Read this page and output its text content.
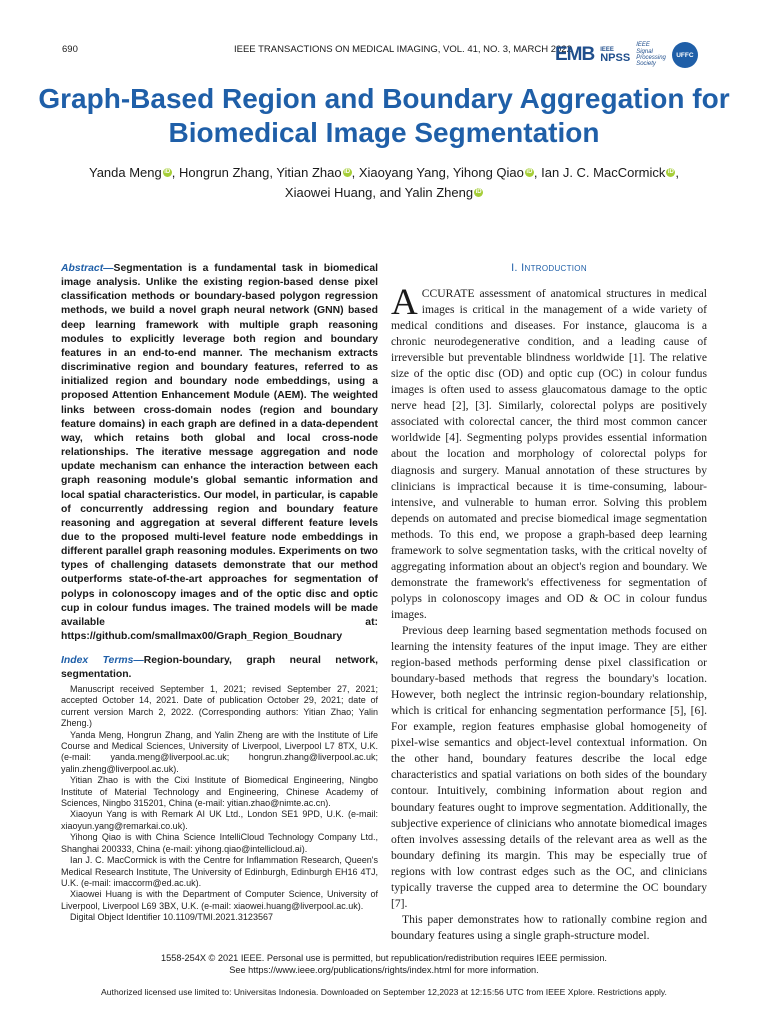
690	IEEE TRANSACTIONS ON MEDICAL IMAGING, VOL. 41, NO. 3, MARCH 2022
EMB IEEE
NPSS
IEEE
Signal
Processing
Society
UFFC
Graph-Based Region and Boundary Aggregation for Biomedical Image Segmentation
Yanda Meng iD , Hongrun Zhang, Yitian Zhao iD , Xiaoyang Yang, Yihong Qiao iD , Ian J. C. MacCormick iD ,
Xiaowei Huang, and Yalin Zheng iD
Abstract—Segmentation is a fundamental task in biomedical image analysis. Unlike the existing region-based dense pixel classification methods or boundary-based polygon regression methods, we build a novel graph neural network (GNN) based deep learning framework with multiple graph reasoning modules to explicitly leverage both region and boundary features in an end-to-end manner. The mechanism extracts discriminative region and boundary features, referred to as initialized region and boundary node embeddings, using a proposed Attention Enhancement Module (AEM). The weighted links between cross-domain nodes (region and boundary feature domains) in each graph are defined in a data-dependent way, which retains both global and local cross-node relationships. The iterative message aggregation and node update mechanism can enhance the interaction between each graph reasoning module's global semantic information and local spatial characteristics. Our model, in particular, is capable of concurrently addressing region and boundary feature reasoning and aggregation at several different feature levels due to the proposed multi-level feature node embeddings in different parallel graph reasoning modules. Experiments on two types of challenging datasets demonstrate that our method outperforms state-of-the-art approaches for segmentation of polyps in colonoscopy images and of the optic disc and optic cup in colour fundus images. The trained models will be made available at: https://github.com/smallmax00/Graph_Region_Boudnary
Index Terms—Region-boundary, graph neural network, segmentation.

Manuscript received September 1, 2021; revised September 27, 2021; accepted October 14, 2021. Date of publication October 29, 2021; date of current version March 2, 2022. (Corresponding authors: Yitian Zhao; Yalin Zheng.)

Yanda Meng, Hongrun Zhang, and Yalin Zheng are with the Institute of Life Course and Medical Sciences, University of Liverpool, Liverpool L7 8TX, U.K. (e-mail: yanda.meng@liverpool.ac.uk; hongrun.zhang@liverpool.ac.uk; yalin.zheng@liverpool.ac.uk).

Yitian Zhao is with the Cixi Institute of Biomedical Engineering, Ningbo Institute of Material Technology and Engineering, Chinese Academy of Sciences, Ningbo 315201, China (e-mail: yitian.zhao@nimte.ac.cn).

Xiaoyun Yang is with Remark AI UK Ltd., London SE1 9PD, U.K. (e-mail: xiaoyun.yang@remarkai.co.uk).

Yihong Qiao is with China Science IntelliCloud Technology Company Ltd., Shanghai 200333, China (e-mail: yihong.qiao@intellicloud.ai).

Ian J. C. MacCormick is with the Centre for Inflammation Research, Queen's Medical Research Institute, The University of Edinburgh, Edinburgh EH16 4TJ, U.K. (e-mail: imaccorm@ed.ac.uk).

Xiaowei Huang is with the Department of Computer Science, University of Liverpool, Liverpool L69 3BX, U.K. (e-mail: xiaowei.huang@liverpool.ac.uk).

Digital Object Identifier 10.1109/TMI.2021.3123567

I. Introduction

ACCURATE assessment of anatomical structures in medical images is critical in the management of a wide variety of medical conditions and diseases. For instance, glaucoma is a chronic neurodegenerative condition, and a leading cause of irreversible but preventable blindness worldwide [1]. The relative size of the optic disc (OD) and optic cup (OC) in colour fundus images is often used to assess glaucomatous damage to the optic nerve head [2], [3]. Similarly, colorectal polyps are positively associated with colorectal cancer, the third most common cancer worldwide [4]. Segmenting polyps provides essential information about the location and morphology of colorectal polyps for diagnosis and surgery. Manual annotation of these structures by clinicians is impractical because it is time-consuming, labour-intensive, and vulnerable to human error. Solving this problem depends on automated and precise biomedical image segmentation methods. To this end, we propose a graph-based deep learning framework to solve segmentation tasks, with the critical novelty of aggregating information about an object's region and boundary. We demonstrate the framework's effectiveness for segmentation of polyps in colonoscopy images and OD & OC in colour fundus images.

Previous deep learning based segmentation methods focused on learning the intensity features of the input image. They are either region-based methods performing dense pixel classification or boundary-based methods that regress the boundary's location. However, both neglect the intrinsic region-boundary relationship, which is critical for enhancing segmentation performance [5], [6]. For example, region features emphasise global homogeneity of pixel-wise semantics and object-level contextual information. On the other hand, boundary features describe the local edge characteristics and spatial variations on both sides of the boundary contour. Intuitively, combining information about region and boundary features ought to improve segmentation. Additionally, the subjective experience of clinicians who annotate biomedical images often involves assessing details of the relevant area as well as the boundary defining its margin. This may be especially true of regions with low contrast edges such as the OC, and clinicians typically traverse the cupped area to determine the OC boundary [7].

This paper demonstrates how to rationally combine region and boundary features using a single graph-structure model.

1558-254X © 2021 IEEE. Personal use is permitted, but republication/redistribution requires IEEE permission.
See https://www.ieee.org/publications/rights/index.html for more information.
Authorized licensed use limited to: Universitas Indonesia. Downloaded on September 12,2023 at 12:15:56 UTC from IEEE Xplore. Restrictions apply.
